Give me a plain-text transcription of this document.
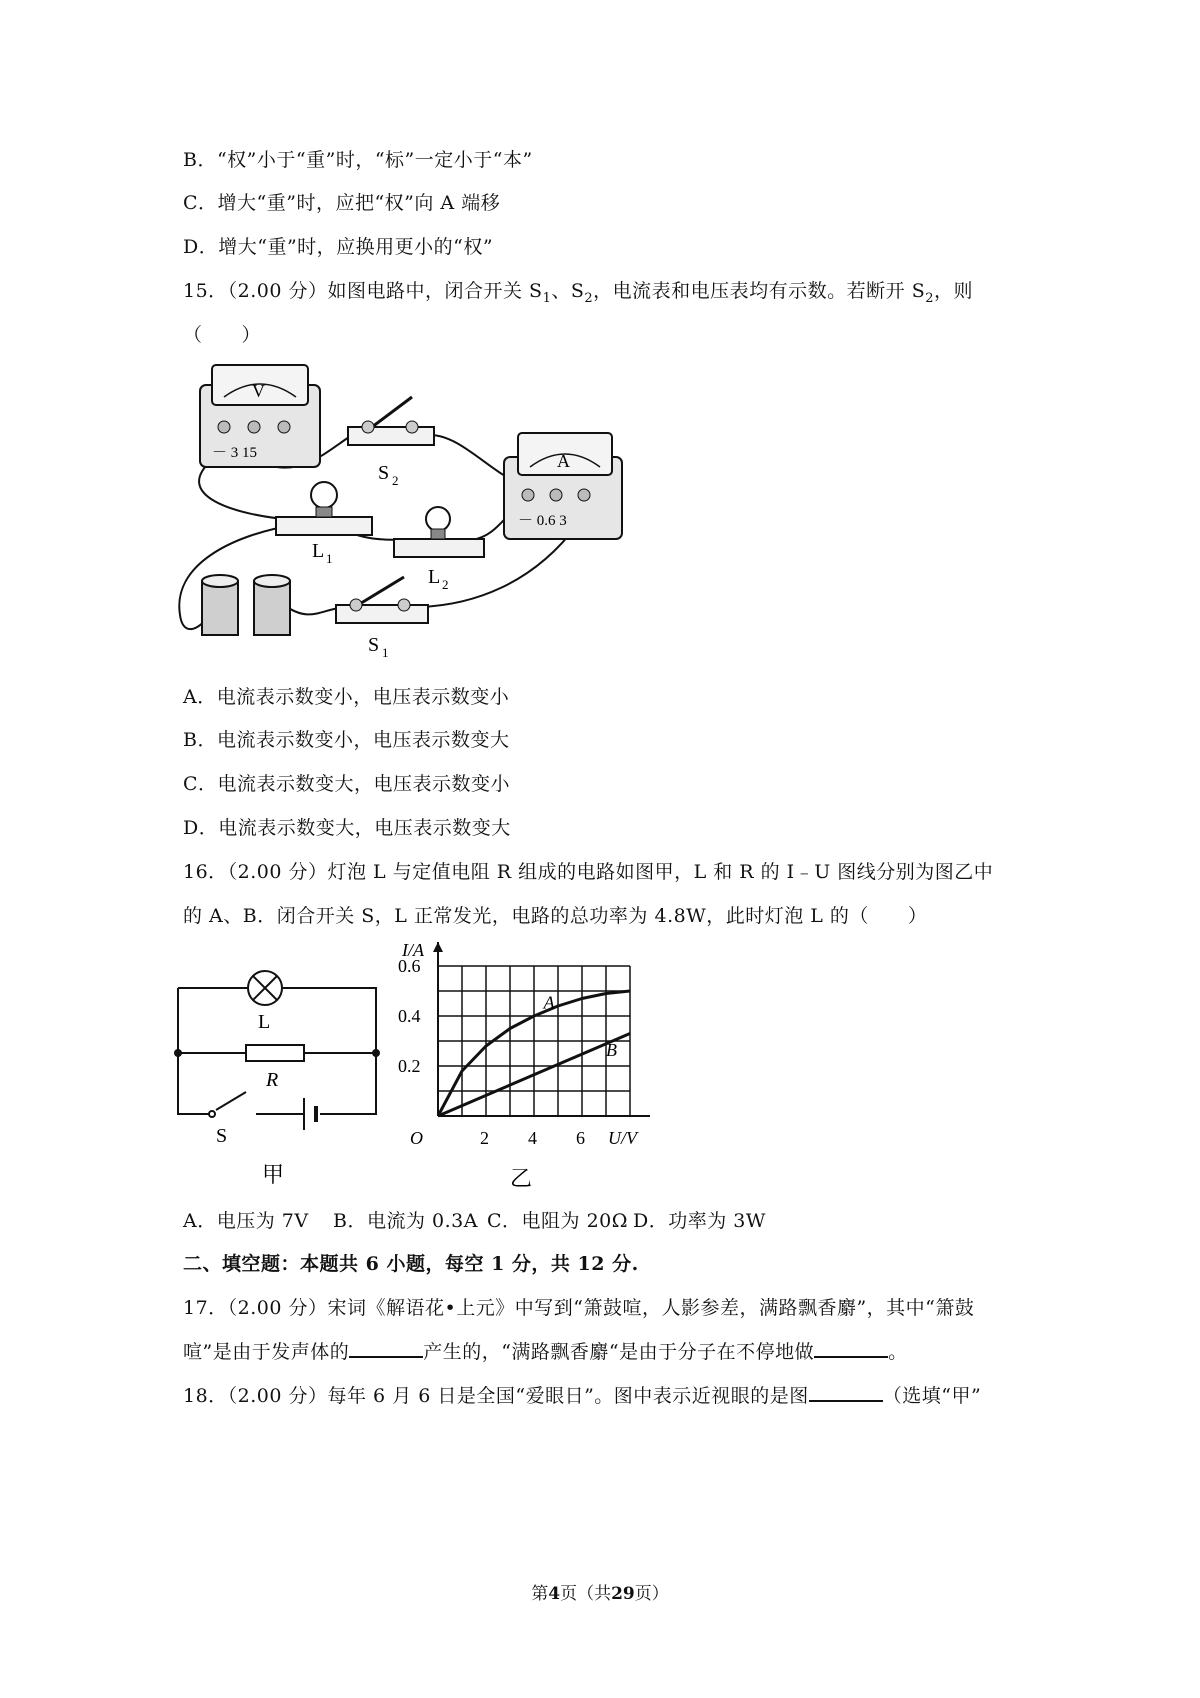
B．“权”小于“重”时，“标”一定小于“本”
C．增大“重”时，应把“权”向 A 端移
D．增大“重”时，应换用更小的“权”
15．（2.00 分）如图电路中，闭合开关 $S_1$、$S_2$，电流表和电压表均有示数。若断开 $S_2$，则
（　　）
V
－ 3 15
S 2
A
－ 0.6 3
L 1
L 2
S 1
A．电流表示数变小，电压表示数变小
B．电流表示数变小，电压表示数变大
C．电流表示数变大，电压表示数变小
D．电流表示数变大，电压表示数变大
16．（2.00 分）灯泡 L 与定值电阻 R 组成的电路如图甲，L 和 R 的 I﹣U 图线分别为图乙中
的 A、B．闭合开关 S，L 正常发光，电路的总功率为 4.8W，此时灯泡 L 的（　　）
L
R
S
甲
A
B
2 4 6
0.2
0.4
0.6
O	U/V
I/A
乙
A．电压为 7V B．电流为 0.3A C．电阻为 20Ω D．功率为 3W
二、填空题：本题共 6 小题，每空 1 分，共 12 分.
17．（2.00 分）宋词《解语花•上元》中写到“箫鼓喧，人影参差，满路飘香麝”，其中“箫鼓
喧”是由于发声体的	产生的，“满路飘香麝“是由于分子在不停地做	。
18．（2.00 分）每年 6 月 6 日是全国“爱眼日”。图中表示近视眼的是图	（选填“甲”
第4页（共29页）
